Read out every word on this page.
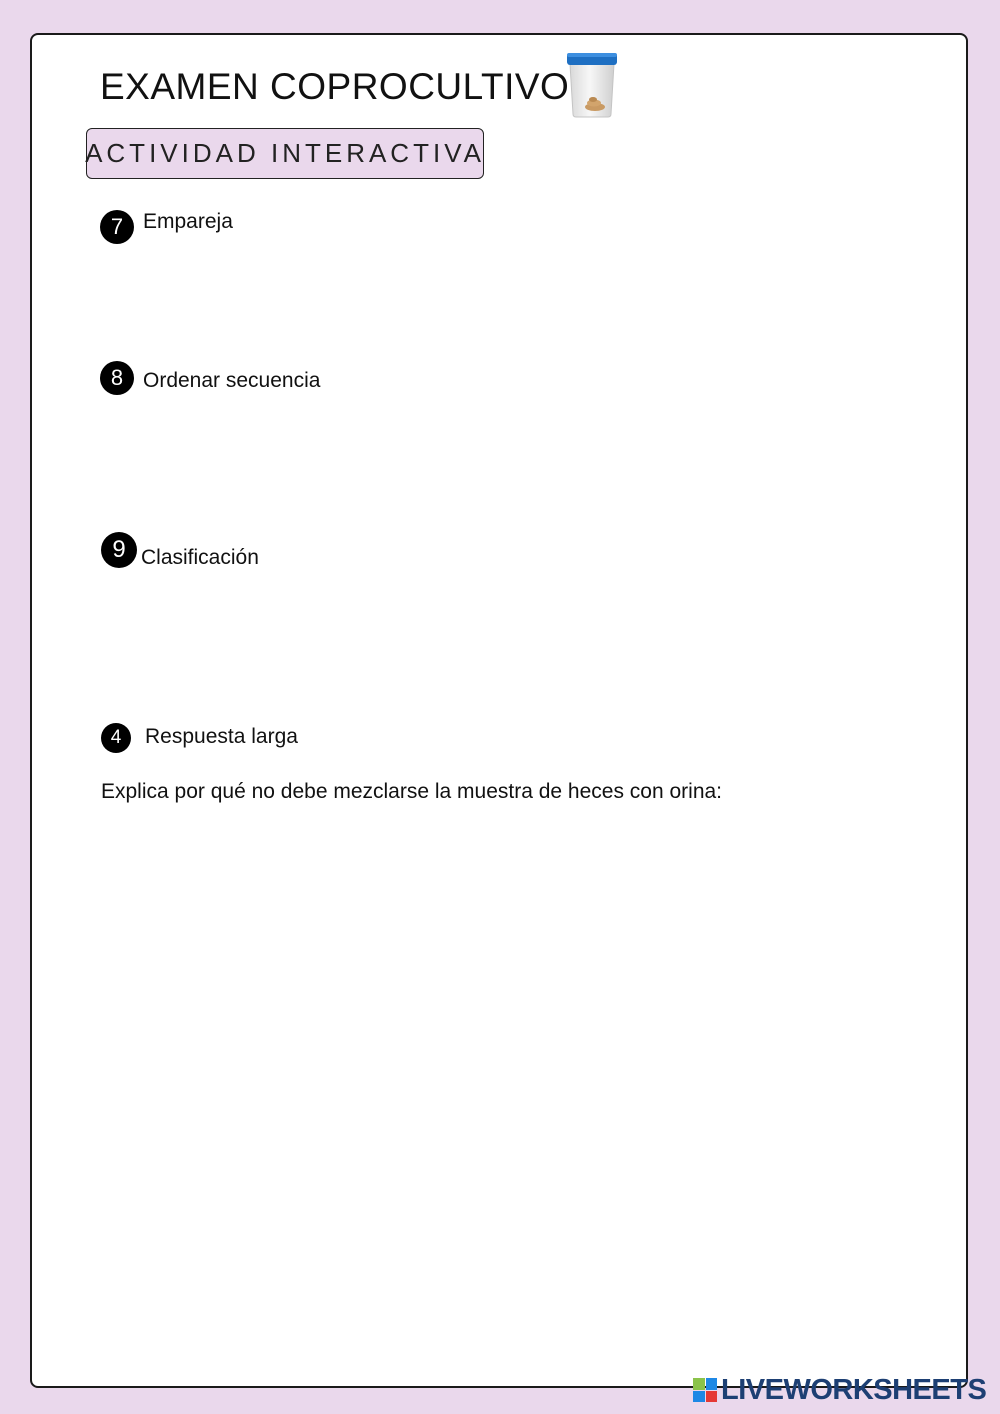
EXAMEN COPROCULTIVO
ACTIVIDAD INTERACTIVA
7 Empareja
8 Ordenar secuencia
9 Clasificación
4	Respuesta larga
Explica por qué no debe mezclarse la muestra de heces con orina:
LIVEWORKSHEETS
